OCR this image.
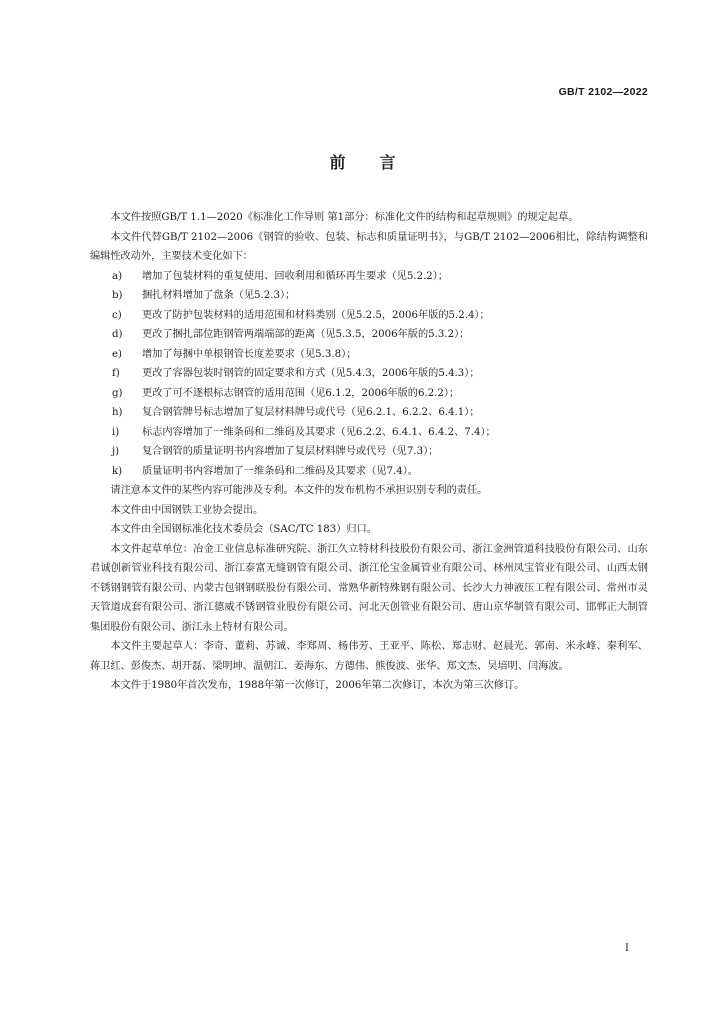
GB/T 2102—2022
前言

本文件按照GB/T 1.1—2020《标准化工作导则 第1部分：标准化文件的结构和起草规则》的规定起草。

本文件代替GB/T 2102—2006《钢管的验收、包装、标志和质量证明书》，与GB/T 2102—2006相比，除结构调整和编辑性改动外，主要技术变化如下：

a)	增加了包装材料的重复使用、回收利用和循环再生要求（见5.2.2）；
b)	捆扎材料增加了盘条（见5.2.3）；
c)	更改了防护包装材料的适用范围和材料类别（见5.2.5，2006年版的5.2.4）；
d)	更改了捆扎部位距钢管两端端部的距离（见5.3.5，2006年版的5.3.2）；
e)	增加了每捆中单根钢管长度差要求（见5.3.8）；
f)	更改了容器包装时钢管的固定要求和方式（见5.4.3，2006年版的5.4.3）；
g)	更改了可不逐根标志钢管的适用范围（见6.1.2，2006年版的6.2.2）；
h)	复合钢管牌号标志增加了复层材料牌号或代号（见6.2.1、6.2.2、6.4.1）；
i)	标志内容增加了一维条码和二维码及其要求（见6.2.2、6.4.1、6.4.2、7.4）；
j)	复合钢管的质量证明书内容增加了复层材料牌号或代号（见7.3）；
k)	质量证明书内容增加了一维条码和二维码及其要求（见7.4）。

请注意本文件的某些内容可能涉及专利。本文件的发布机构不承担识别专利的责任。

本文件由中国钢铁工业协会提出。

本文件由全国钢标准化技术委员会（SAC/TC 183）归口。

本文件起草单位：冶金工业信息标准研究院、浙江久立特材科技股份有限公司、浙江金洲管道科技股份有限公司、山东君诚创新管业科技有限公司、浙江泰富无缝钢管有限公司、浙江伦宝金属管业有限公司、林州凤宝管业有限公司、山西太钢不锈钢钢管有限公司、内蒙古包钢钢联股份有限公司、常熟华新特殊钢有限公司、长沙大力神液压工程有限公司、常州市灵天管道成套有限公司、浙江德威不锈钢管业股份有限公司、河北天创管业有限公司、唐山京华制管有限公司、邯郸正大制管集团股份有限公司、浙江永上特材有限公司。

本文件主要起草人：李奇、董莉、苏诚、李郑周、杨伟芳、王亚平、陈松、郑志财、赵晨光、郭南、米永峰、秦利军、蒋卫红、彭俊杰、胡开磊、梁明坤、温朝江、姜海东、方德伟、熊俊波、张华、郑文杰、吴培明、闫海波。

本文件于1980年首次发布，1988年第一次修订，2006年第二次修订，本次为第三次修订。

I
